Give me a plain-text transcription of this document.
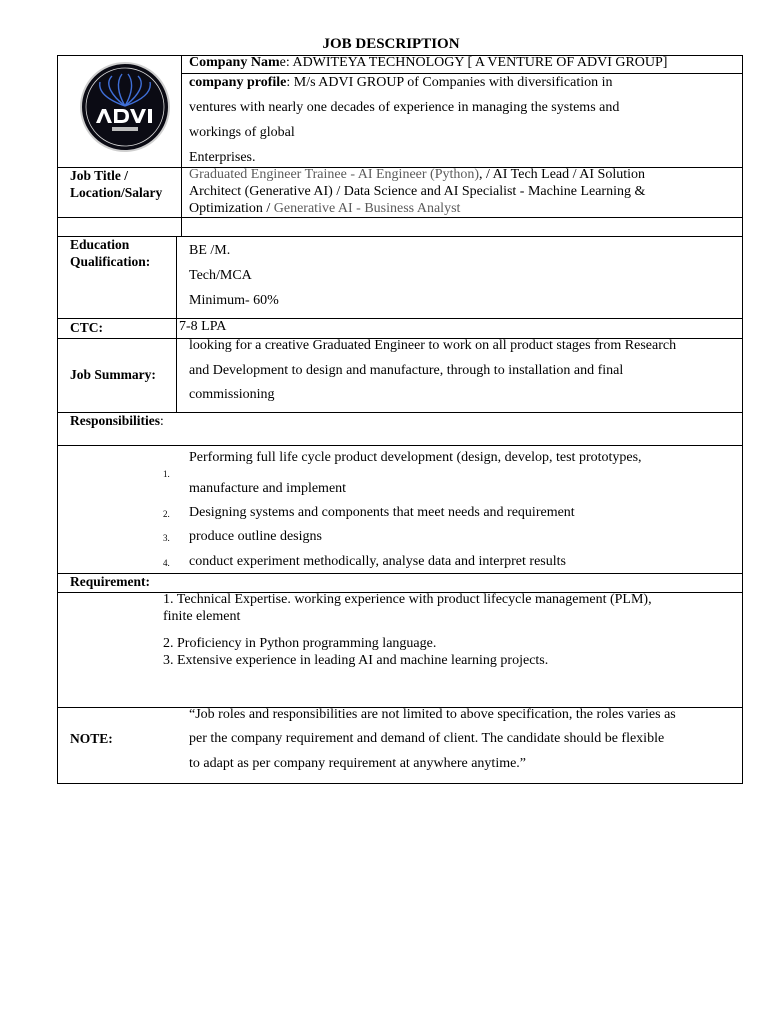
JOB DESCRIPTION
Company Name: ADWITEYA TECHNOLOGY [ A VENTURE OF ADVI GROUP]
company profile: M/s ADVI GROUP of Companies with diversification in
ventures with nearly one decades of experience in managing the systems and
workings of global
Enterprises.
Job Title /
Location/Salary
Graduated Engineer Trainee - AI Engineer (Python), / AI Tech Lead / AI Solution
Architect (Generative AI) / Data Science and AI Specialist - Machine Learning &
Optimization / Generative AI - Business Analyst
Education
Qualification:
BE /M.
Tech/MCA
Minimum- 60%
CTC:	7-8 LPA
Job Summary:
looking for a creative Graduated Engineer to work on all product stages from Research
and Development to design and manufacture, through to installation and final
commissioning
Responsibilities:
1.
Performing full life cycle product development (design, develop, test prototypes,
manufacture and implement
2. Designing systems and components that meet needs and requirement
3. produce outline designs
4. conduct experiment methodically, analyse data and interpret results
Requirement:
1. Technical Expertise. working experience with product lifecycle management (PLM),
finite element
2. Proficiency in Python programming language.
3. Extensive experience in leading AI and machine learning projects.
NOTE:
“Job roles and responsibilities are not limited to above specification, the roles varies as
per the company requirement and demand of client. The candidate should be flexible
to adapt as per company requirement at anywhere anytime.”
